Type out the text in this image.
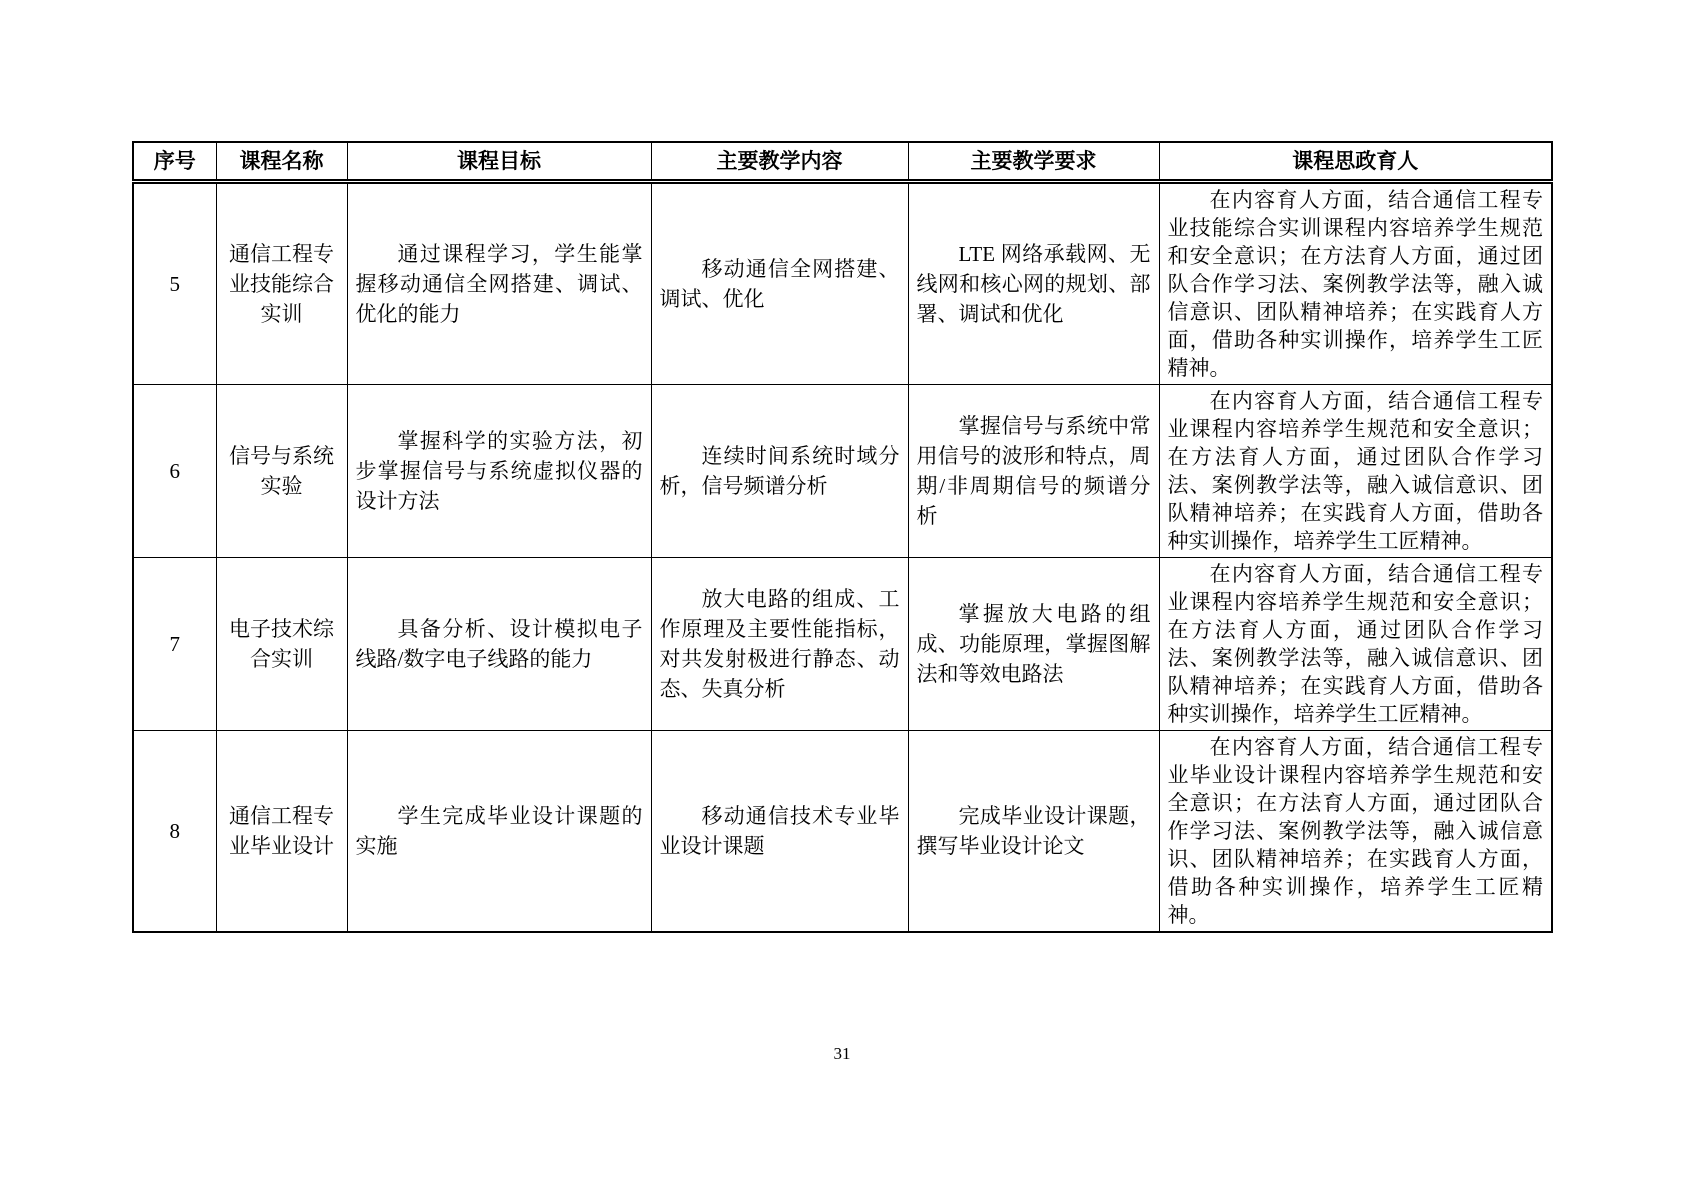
序号	课程名称	课程目标	主要教学内容	主要教学要求	课程思政育人
5	通信工程专业技能综合实训	通过课程学习，学生能掌握移动通信全网搭建、调试、优化的能力	移动通信全网搭建、调试、优化	LTE 网络承载网、无线网和核心网的规划、部署、调试和优化	在内容育人方面，结合通信工程专业技能综合实训课程内容培养学生规范和安全意识；在方法育人方面，通过团队合作学习法、案例教学法等，融入诚信意识、团队精神培养；在实践育人方面，借助各种实训操作，培养学生工匠精神。

6	信号与系统实验	掌握科学的实验方法，初步掌握信号与系统虚拟仪器的设计方法	连续时间系统时域分析，信号频谱分析	掌握信号与系统中常用信号的波形和特点，周期/非周期信号的频谱分析	在内容育人方面，结合通信工程专业课程内容培养学生规范和安全意识；在方法育人方面，通过团队合作学习法、案例教学法等，融入诚信意识、团队精神培养；在实践育人方面，借助各种实训操作，培养学生工匠精神。

7	电子技术综合实训	具备分析、设计模拟电子线路/数字电子线路的能力	放大电路的组成、工作原理及主要性能指标，对共发射极进行静态、动态、失真分析	掌握放大电路的组成、功能原理，掌握图解法和等效电路法	在内容育人方面，结合通信工程专业课程内容培养学生规范和安全意识；在方法育人方面，通过团队合作学习法、案例教学法等，融入诚信意识、团队精神培养；在实践育人方面，借助各种实训操作，培养学生工匠精神。

8	通信工程专业毕业设计	学生完成毕业设计课题的实施	移动通信技术专业毕业设计课题	完成毕业设计课题，撰写毕业设计论文	在内容育人方面，结合通信工程专业毕业设计课程内容培养学生规范和安全意识；在方法育人方面，通过团队合作学习法、案例教学法等，融入诚信意识、团队精神培养；在实践育人方面，借助各种实训操作，培养学生工匠精神。
31
